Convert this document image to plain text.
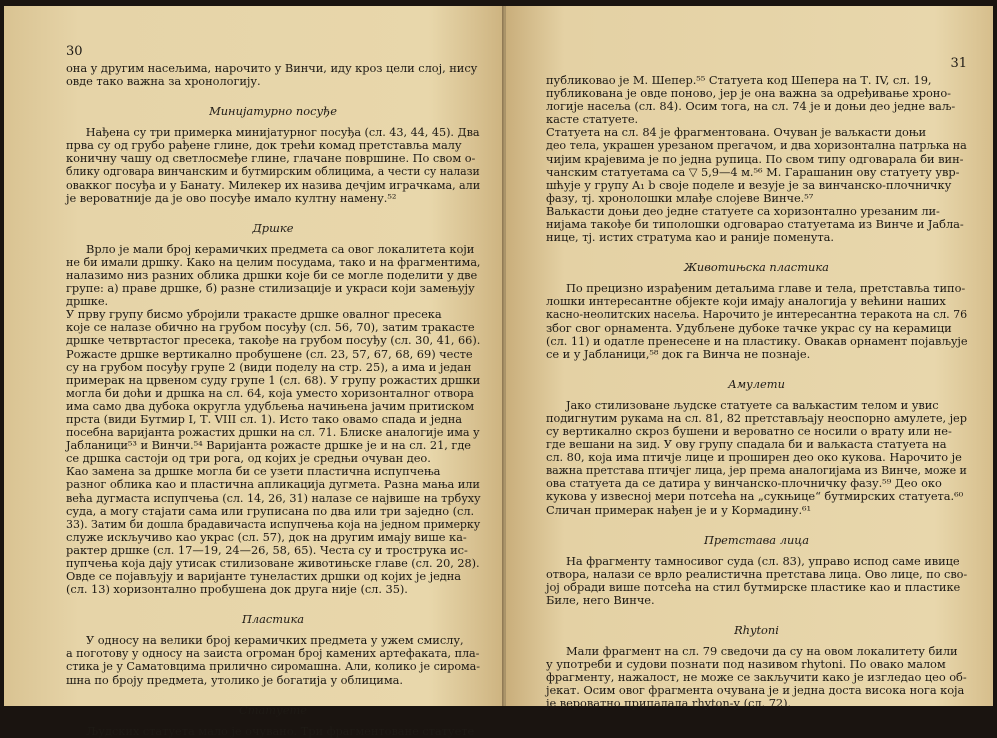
30
она у другим насељима, нарочито у Винчи, иду кроз цели слој, нису
овде тако важна за хронологију.
Минијатурно посуђе
Нађена су три примерка минијатурног посуђа (сл. 43, 44, 45). Два
прва су од грубо рађене глине, док трећи комад претставља малу
коничну чашу од светлосмеђе глине, глачане површине. По свом о-
блику одговара винчанским и бутмирским облицима, а чести су налази
овакког посуђа и у Банату. Милекер их назива дечјим играчкама, али
је вероватније да је ово посуђе имало култну намену.⁵²
Дршке
Врло је мали број керамичких предмета са овог локалитета који
не би имали дршку. Како на целим посудама, тако и на фрагментима,
налазимо низ разних облика дршки које би се могле поделити у две
групе: а) праве дршке, б) разне стилизације и украси који замењују
дршке.
У прву групу бисмо убројили тракасте дршке овалног пресека
које се налазе обично на грубом посуђу (сл. 56, 70), затим тракасте
дршке четвртастог пресека, такође на грубом посуђу (сл. 30, 41, 66).
Рожасте дршке вертикално пробушене (сл. 23, 57, 67, 68, 69) честе
су на грубом посуђу групе 2 (види поделу на стр. 25), а има и један
примерак на црвеном суду групе 1 (сл. 68). У групу рожастих дршки
могла би доћи и дршка на сл. 64, која уместо хоризонталног отвора
има само два дубока округла удубљења начињена јачим притиском
прста (види Бутмир I, Т. VIII сл. 1). Исто тако овамо спада и једна
посебна варијанта рожастих дршки на сл. 71. Блиске аналогије има у
Јабланици⁵³ и Винчи.⁵⁴ Варијанта рожасте дршке је и на сл. 21, где
се дршка састоји од три рога, од којих је средњи очуван део.
Као замена за дршке могла би се узети пластична испупчења
разног облика као и пластична апликација дугмета. Разна мања или
већа дугмаста испупчења (сл. 14, 26, 31) налазе се највише на трбуху
суда, а могу стајати сама или груписана по два или три заједно (сл.
33). Затим би дошла брадавичаста испупчења која на једном примерку
служе искључиво као украс (сл. 57), док на другим имају више ка-
рактер дршке (сл. 17—19, 24—26, 58, 65). Честа су и трострука ис-
пупчења која дају утисак стилизоване животињске главе (сл. 20, 28).
Овде се појављују и варијанте тунеластих дршки од којих је једна
(сл. 13) хоризонтално пробушена док друга није (сл. 35).
Пластика
У односу на велики број керамичких предмета у ужем смислу,
а поготову у односу на заиста огроман број камених артефаката, пла-
стика је у Саматовцима прилично сиромашна. Али, колико је сирома-
шна по броју предмета, утолико је богатија у облицима.
Статуете
Људских статуета мало је очувано. Три фрагментоване статуете
31
публиковао је М. Шепер.⁵⁵ Статуета код Шепера на Т. IV, сл. 19,
публикована је овде поново, јер је она важна за одређивање хроно-
логије насеља (сл. 84). Осим тога, на сл. 74 је и доњи део једне ваљ-
касте статуете.
Статуета на сл. 84 је фрагментована. Очуван је ваљкасти доњи
део тела, украшен урезаном прегачом, и два хоризонтална патрљка на
чијим крајевима је по једна рупица. По свом типу одговарала би вин-
чанским статуетама са ▽ 5,9—4 м.⁵⁶ М. Гарашанин ову статуету увр-
шћује у групу A₁ b своје поделе и везује је за винчанско-плочничку
фазу, тј. хронолошки млађе слојеве Винче.⁵⁷
Ваљкасти доњи део једне статуете са хоризонтално урезаним ли-
нијама такође би типолошки одговарао статуетама из Винче и Јабла-
нице, тј. истих стратума као и раније поменута.
Животињска пластика
По прецизно израђеним детаљима главе и тела, претставља типо-
лошки интересантне објекте који имају аналогија у већини наших
касно-неолитских насеља. Нарочито је интересантна теракота на сл. 76
због свог орнамента. Удубљене дубоке тачке украс су на керамици
(сл. 11) и одатле пренесене и на пластику. Овакав орнамент појављује
се и у Јабланици,⁵⁸ док га Винча не познаје.
Амулети
Јако стилизоване људске статуете са ваљкастим телом и увис
подигнутим рукама на сл. 81, 82 претстављају неоспорно амулете, јер
су вертикално скроз бушени и вероватно се носили о врату или не-
где вешани на зид. У ову групу спадала би и ваљкаста статуета на
сл. 80, која има птичје лице и проширен део око кукова. Нарочито је
важна претстава птичјег лица, јер према аналогијама из Винче, може и
ова статуета да се датира у винчанско-плочничку фазу.⁵⁹ Део око
кукова у извесној мери потсећа на „сукњице“ бутмирских статуета.⁶⁰
Сличан примерак нађен је и у Кормадину.⁶¹
Претстава лица
На фрагменту тамносивог суда (сл. 83), управо испод саме ивице
отвора, налази се врло реалистична претстава лица. Ово лице, по сво-
јој обради више потсећа на стил бутмирске пластике као и пластике
Биле, него Винче.
Rhytoni
Мали фрагмент на сл. 79 сведочи да су на овом локалитету били
у употреби и судови познати под називом rhytoni. По овако малом
фрагменту, нажалост, не може се закључити како је изгледао цео об-
јекат. Осим овог фрагмента очувана је и једна доста висока нога која
је вероватно припадала rhyton-у (сл. 72).
